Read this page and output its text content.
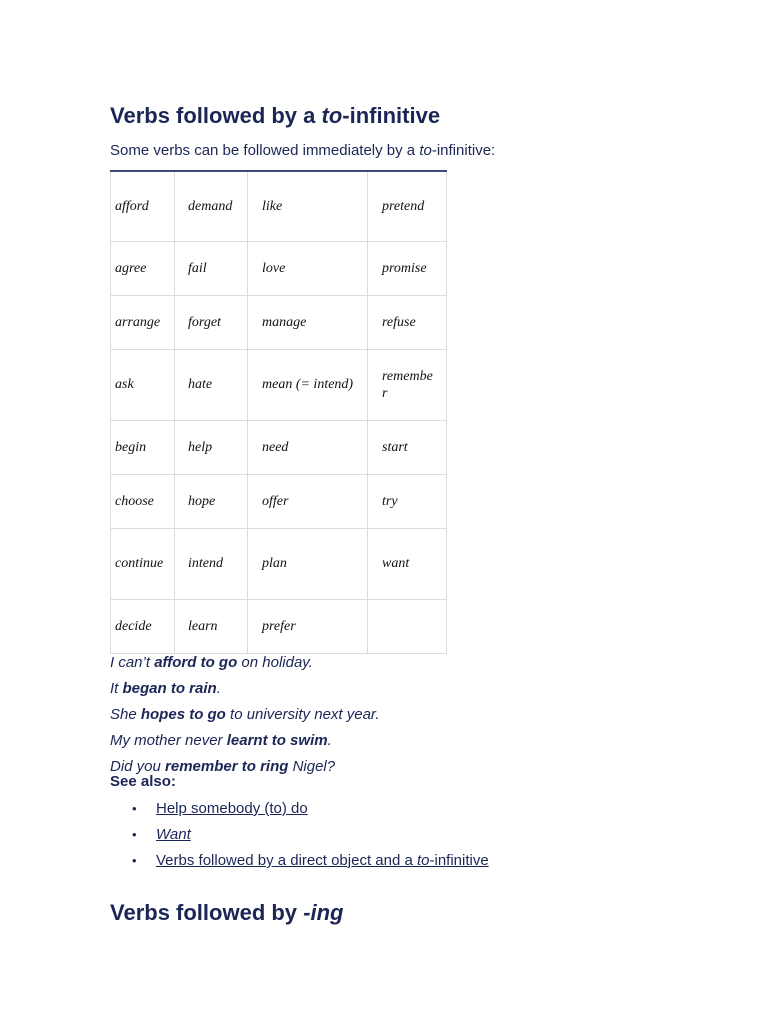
Verbs followed by a to-infinitive
Some verbs can be followed immediately by a to-infinitive:
afford	demand	like	pretend
agree	fail	love	promise
arrange	forget	manage	refuse
ask	hate	mean (= intend)	remember
begin	help	need	start
choose	hope	offer	try
continue	intend	plan	want
decide	learn	prefer	

I can’t afford to go on holiday.

It began to rain.

She hopes to go to university next year.

My mother never learnt to swim.

Did you remember to ring Nigel?

See also:
• Help somebody (to) do
• Want
• Verbs followed by a direct object and a to-infinitive
Verbs followed by -ing
